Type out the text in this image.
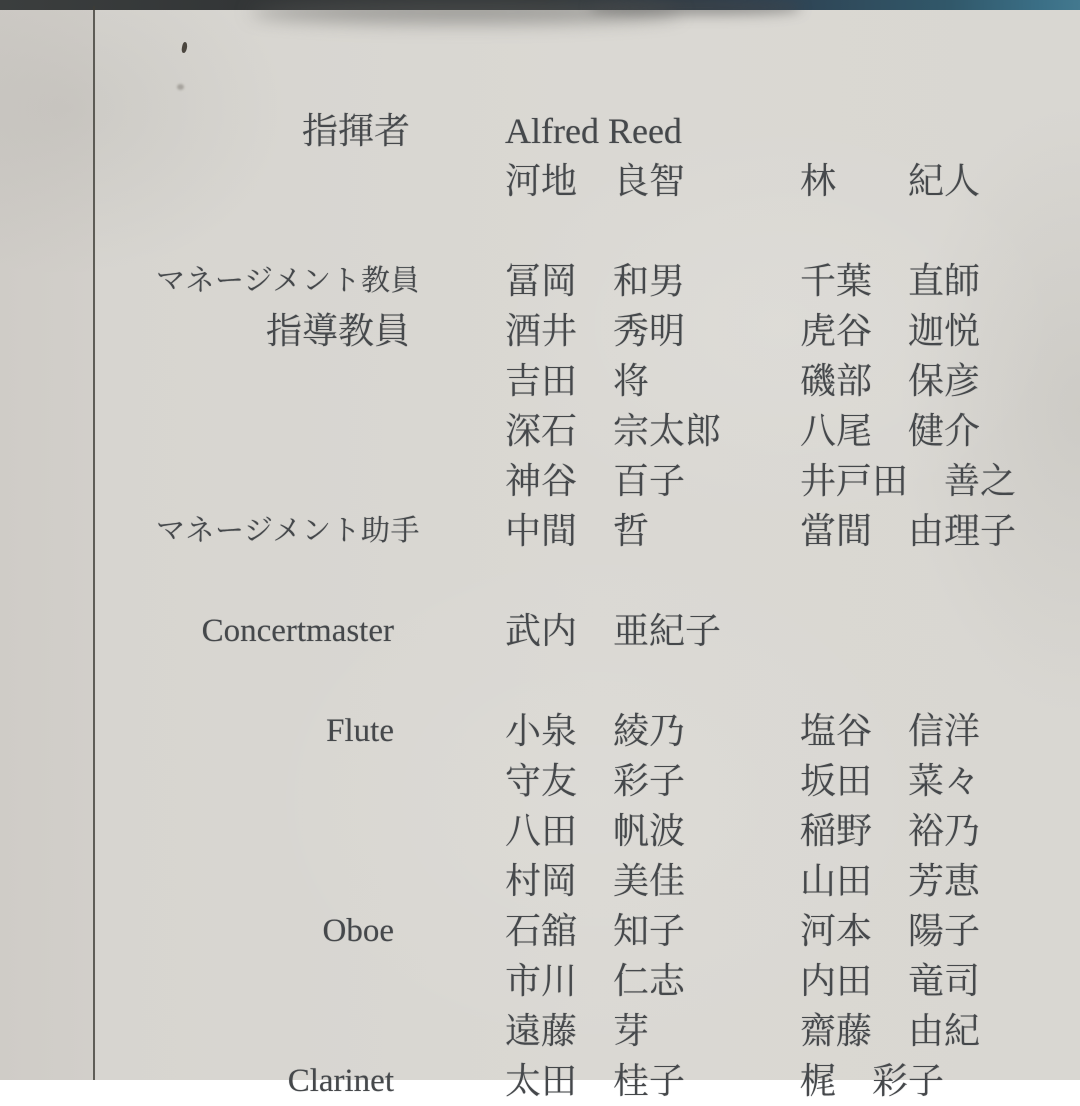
指揮者	Alfred Reed
河地　良智	林　　紀人
マネージメント教員	冨岡　和男	千葉　直師
指導教員	酒井　秀明	虎谷　迦悦
吉田　将	磯部　保彦
深石　宗太郎	八尾　健介
神谷　百子	井戸田　善之
マネージメント助手	中間　哲	當間　由理子
Concertmaster	武内　亜紀子
Flute	小泉　綾乃	塩谷　信洋
守友　彩子	坂田　菜々
八田　帆波	稲野　裕乃
村岡　美佳	山田　芳恵
Oboe	石舘　知子	河本　陽子
市川　仁志	内田　竜司
遠藤　芽	齋藤　由紀
Clarinet	太田　桂子	梶　彩子
